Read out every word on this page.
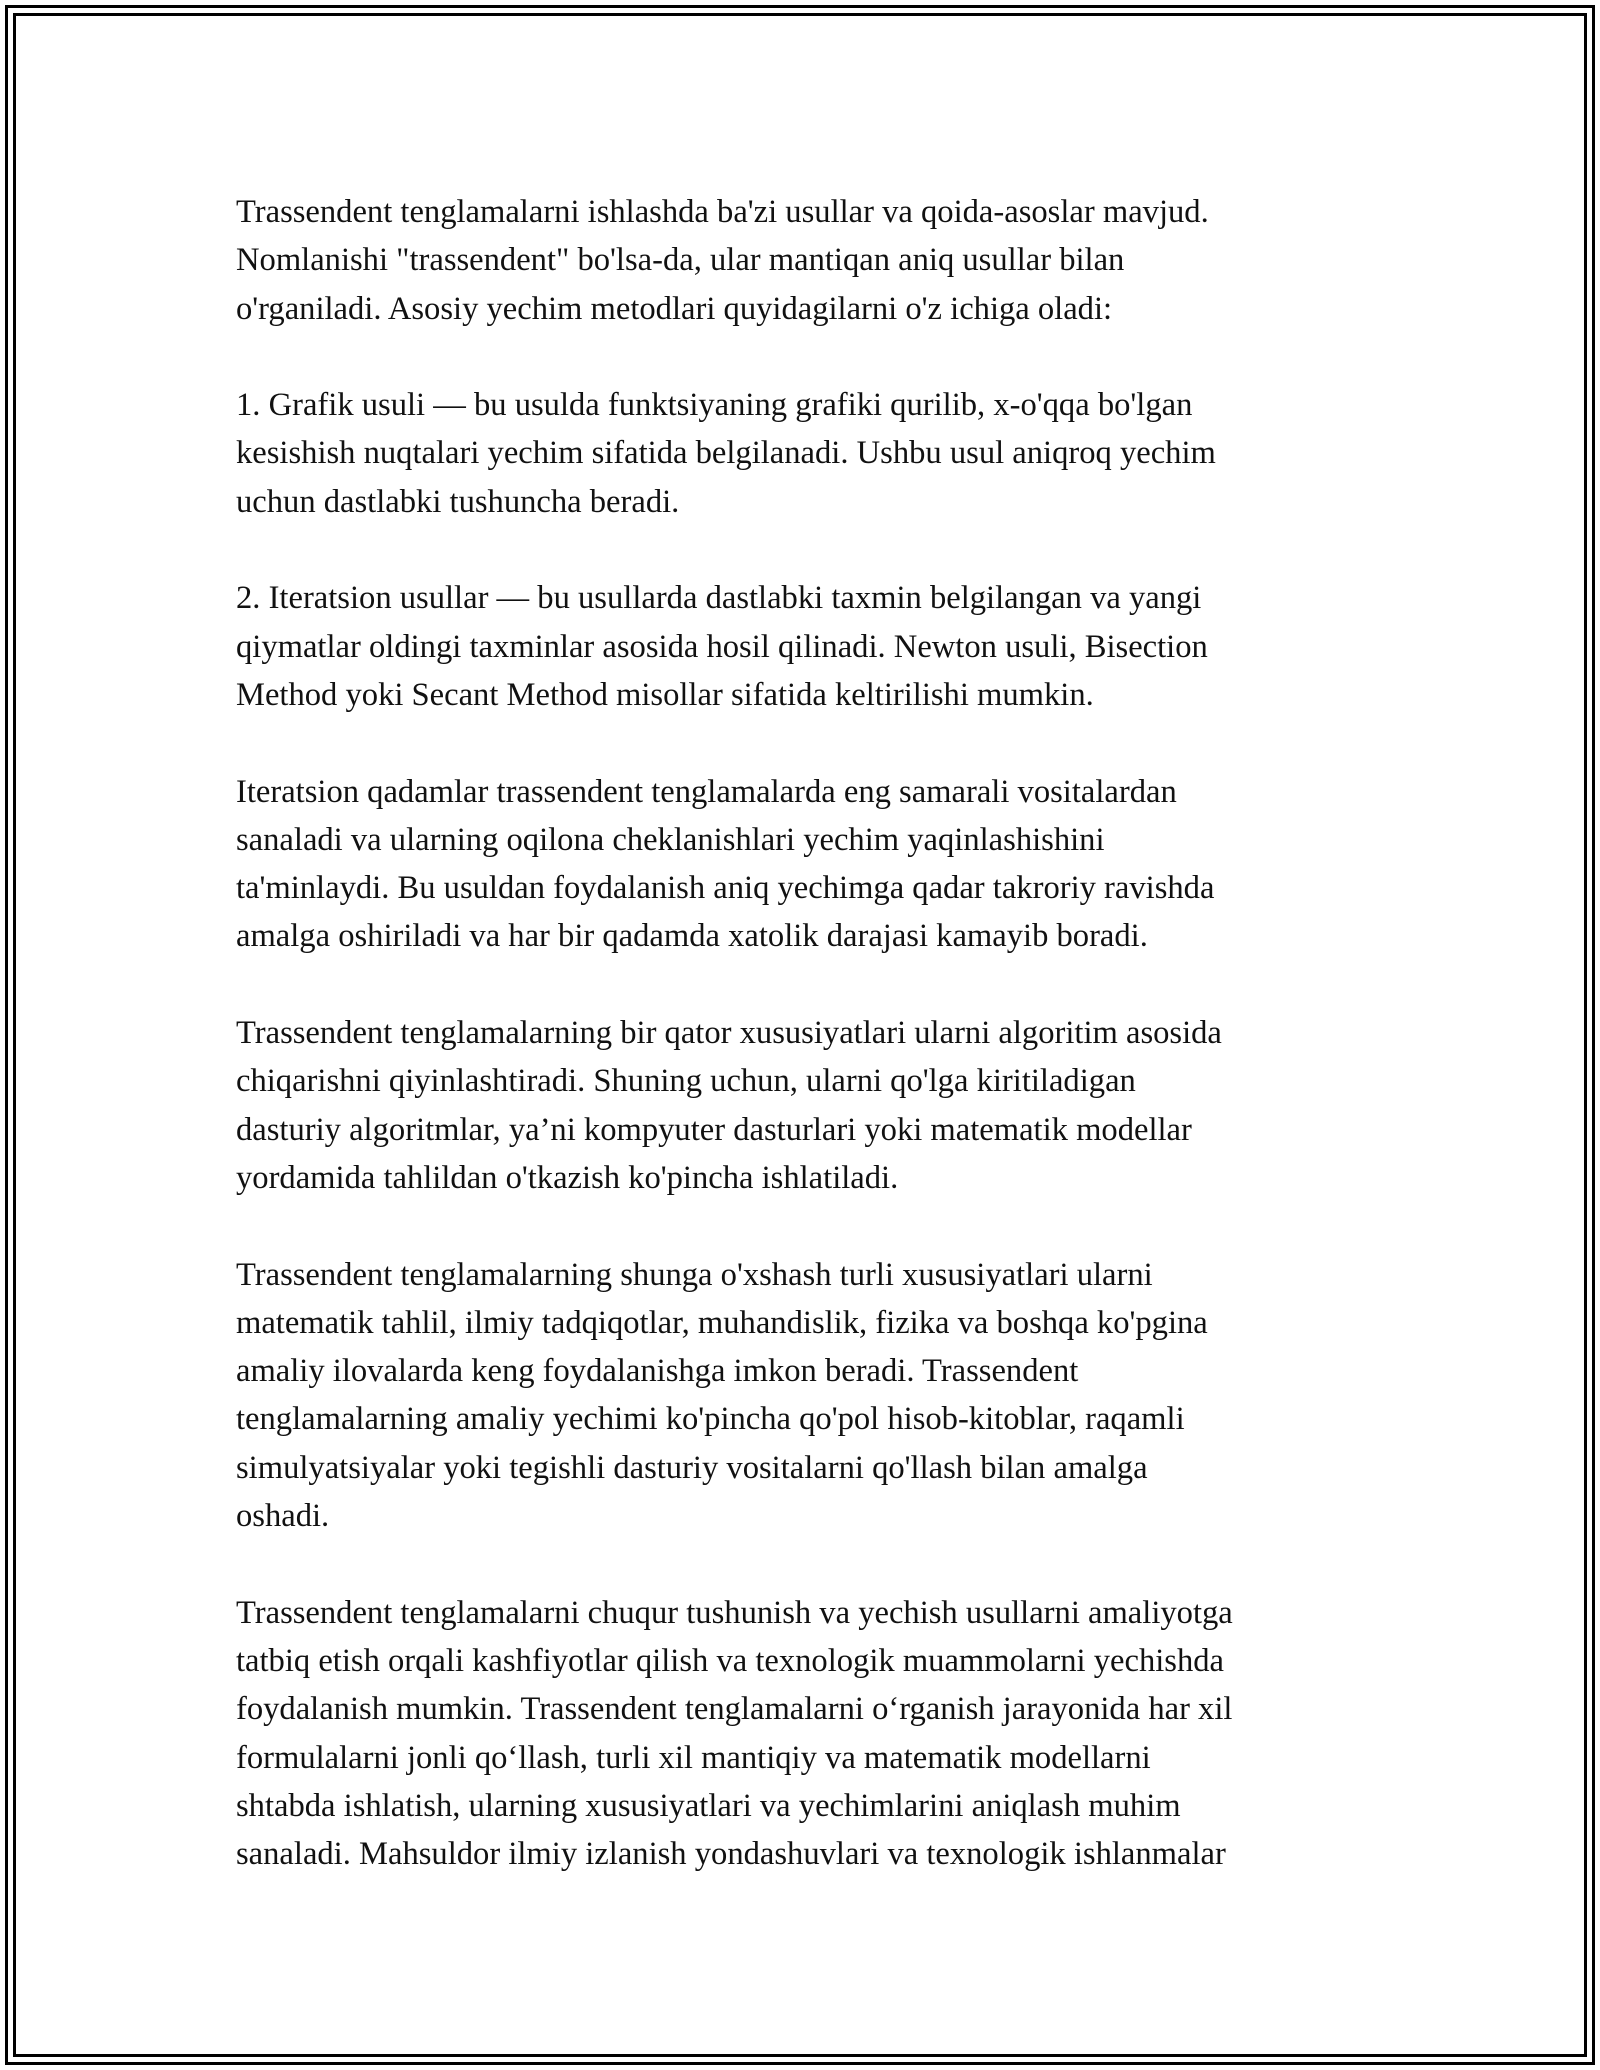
Trassendent tenglamalarni ishlashda ba'zi usullar va qoida-asoslar mavjud.
Nomlanishi "trassendent" bo'lsa-da, ular mantiqan aniq usullar bilan
o'rganiladi. Asosiy yechim metodlari quyidagilarni o'z ichiga oladi:

1. Grafik usuli — bu usulda funktsiyaning grafiki qurilib, x-o'qqa bo'lgan
kesishish nuqtalari yechim sifatida belgilanadi. Ushbu usul aniqroq yechim
uchun dastlabki tushuncha beradi.

2. Iteratsion usullar — bu usullarda dastlabki taxmin belgilangan va yangi
qiymatlar oldingi taxminlar asosida hosil qilinadi. Newton usuli, Bisection
Method yoki Secant Method misollar sifatida keltirilishi mumkin.

Iteratsion qadamlar trassendent tenglamalarda eng samarali vositalardan
sanaladi va ularning oqilona cheklanishlari yechim yaqinlashishini
ta'minlaydi. Bu usuldan foydalanish aniq yechimga qadar takroriy ravishda
amalga oshiriladi va har bir qadamda xatolik darajasi kamayib boradi.

Trassendent tenglamalarning bir qator xususiyatlari ularni algoritim asosida
chiqarishni qiyinlashtiradi. Shuning uchun, ularni qo'lga kiritiladigan
dasturiy algoritmlar, ya’ni kompyuter dasturlari yoki matematik modellar
yordamida tahlildan o'tkazish ko'pincha ishlatiladi.

Trassendent tenglamalarning shunga o'xshash turli xususiyatlari ularni
matematik tahlil, ilmiy tadqiqotlar, muhandislik, fizika va boshqa ko'pgina
amaliy ilovalarda keng foydalanishga imkon beradi. Trassendent
tenglamalarning amaliy yechimi ko'pincha qo'pol hisob-kitoblar, raqamli
simulyatsiyalar yoki tegishli dasturiy vositalarni qo'llash bilan amalga
oshadi.

Trassendent tenglamalarni chuqur tushunish va yechish usullarni amaliyotga
tatbiq etish orqali kashfiyotlar qilish va texnologik muammolarni yechishda
foydalanish mumkin. Trassendent tenglamalarni o‘rganish jarayonida har xil
formulalarni jonli qo‘llash, turli xil mantiqiy va matematik modellarni
shtabda ishlatish, ularning xususiyatlari va yechimlarini aniqlash muhim
sanaladi. Mahsuldor ilmiy izlanish yondashuvlari va texnologik ishlanmalar
